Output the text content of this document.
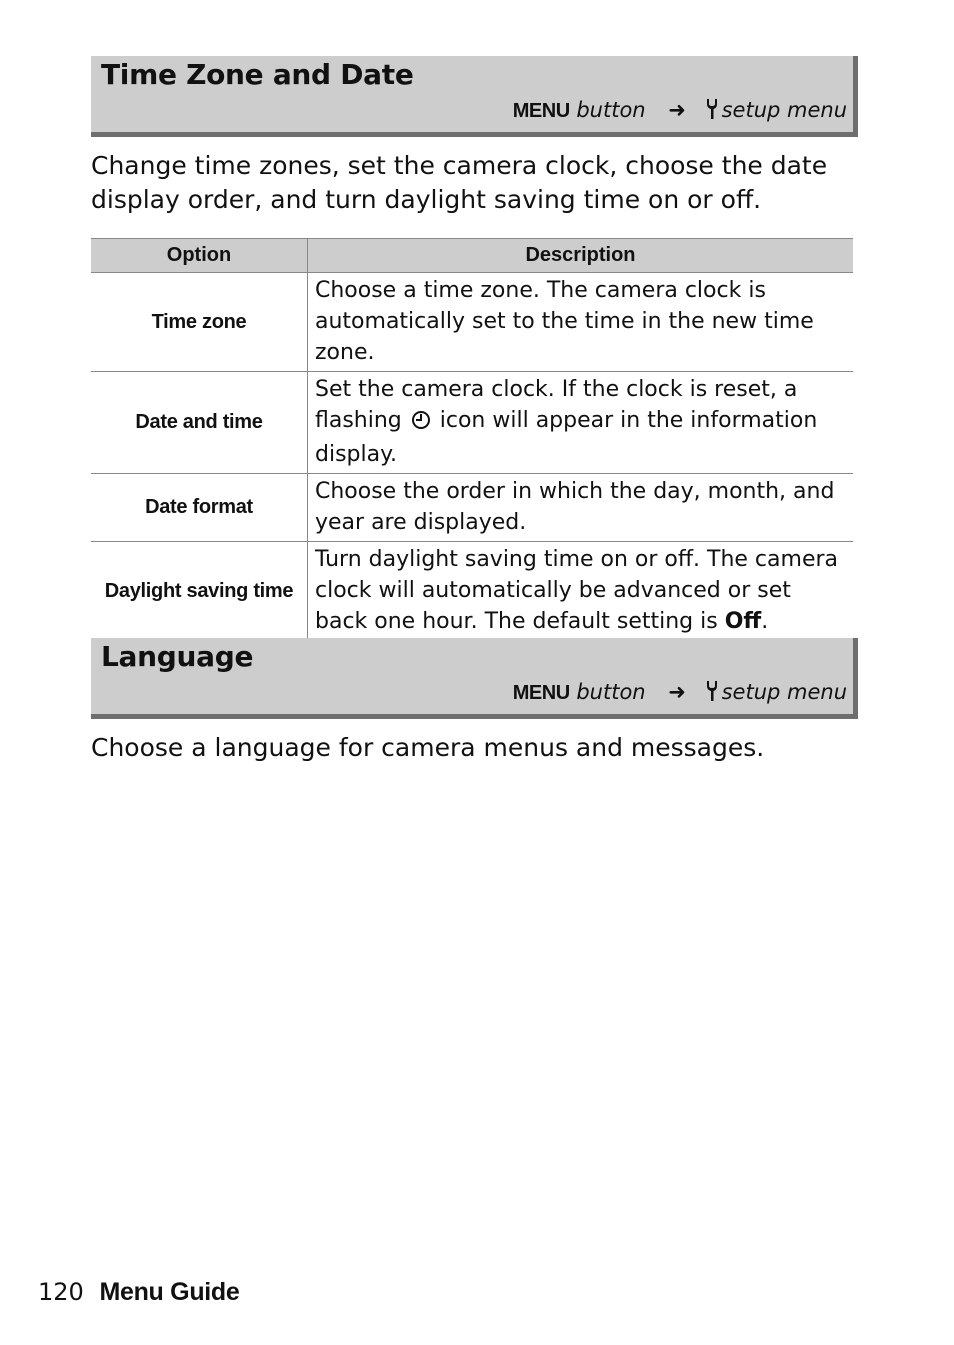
Time Zone and Date
MENU button ➜ setup menu
Change time zones, set the camera clock, choose the date display order, and turn daylight saving time on or off.
Option	Description
Time zone	Choose a time zone. The camera clock is automatically set to the time in the new time zone.
Date and time	Set the camera clock. If the clock is reset, a flashing icon will appear in the information display.
Date format	Choose the order in which the day, month, and year are displayed.
Daylight saving time	Turn daylight saving time on or off. The camera clock will automatically be advanced or set back one hour. The default setting is Off.
Language
MENU button ➜ setup menu
Choose a language for camera menus and messages.
120 Menu Guide
